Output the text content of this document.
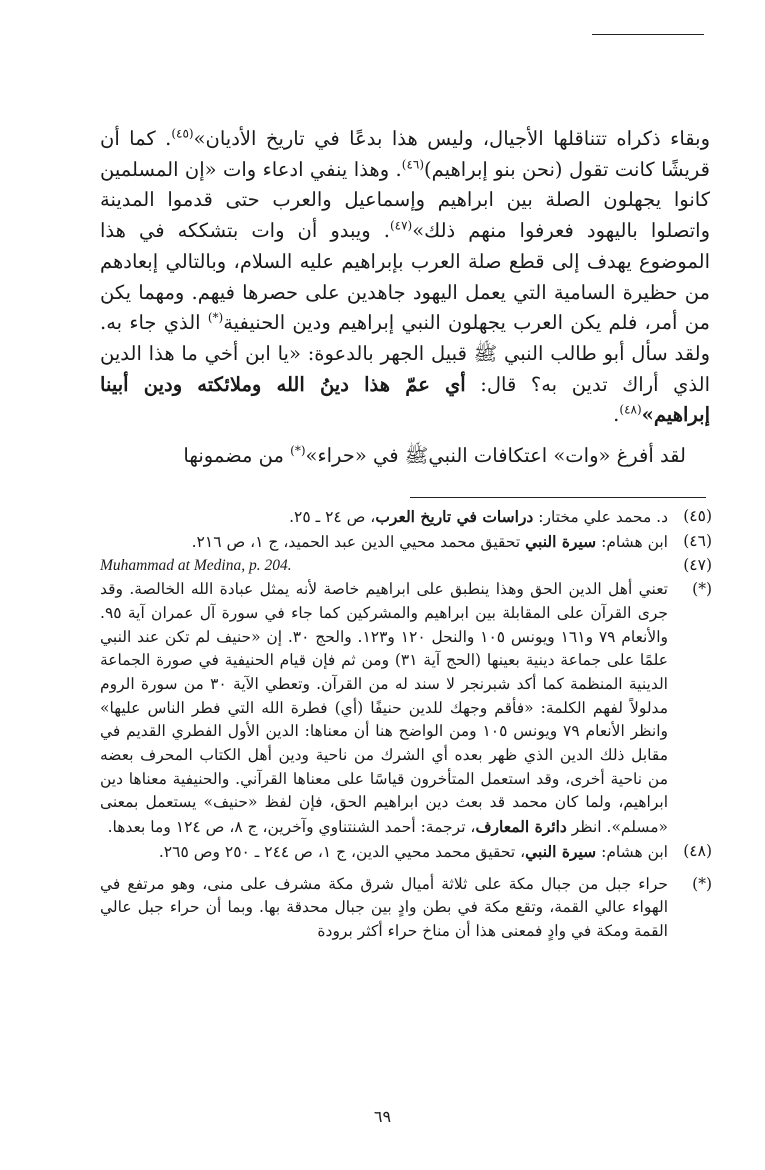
وبقاء ذكراه تتناقلها الأجيال، وليس هذا بدعًا في تاريخ الأديان»$^{(٤٥)}$. كما أن قريشًا كانت تقول (نحن بنو إبراهيم)$^{(٤٦)}$. وهذا ينفي ادعاء وات «إن المسلمين كانوا يجهلون الصلة بين ابراهيم وإسماعيل والعرب حتى قدموا المدينة واتصلوا باليهود فعرفوا منهم ذلك»$^{(٤٧)}$. ويبدو أن وات بتشككه في هذا الموضوع يهدف إلى قطع صلة العرب بإبراهيم عليه السلام، وبالتالي إبعادهم من حظيرة السامية التي يعمل اليهود جاهدين على حصرها فيهم. ومهما يكن من أمر، فلم يكن العرب يجهلون النبي إبراهيم ودين الحنيفية(*) الذي جاء به. ولقد سأل أبو طالب النبي ﷺ قبيل الجهر بالدعوة: «يا ابن أخي ما هذا الدين الذي أراك تدين به؟ قال: أي عمّ هذا دينُ الله وملائكته ودين أبينا إبراهيم»$^{(٤٨)}$.

لقد أفرغ «وات» اعتكافات النبيﷺ في «حراء»(*) من مضمونها

(٤٥)
د. محمد علي مختار: دراسات في تاريخ العرب، ص ٢٤ ـ ٢٥.
(٤٦)
ابن هشام: سيرة النبي تحقيق محمد محيي الدين عبد الحميد، ج ١، ص ٢١٦.
(٤٧)
Muhammad at Medina, p. 204.
(*)
تعني أهل الدين الحق وهذا ينطبق على ابراهيم خاصة لأنه يمثل عبادة الله الخالصة. وقد جرى القرآن على المقابلة بين ابراهيم والمشركين كما جاء في سورة آل عمران آية ٩٥. والأنعام ٧٩ و١٦١ ويونس ١٠٥ والنحل ١٢٠ و١٢٣. والحج ٣٠. إن «حنيف لم تكن عند النبي علمًا على جماعة دينية بعينها (الحج آية ٣١) ومن ثم فإن قيام الحنيفية في صورة الجماعة الدينية المنظمة كما أكد شبرنجر لا سند له من القرآن. وتعطي الآية ٣٠ من سورة الروم مدلولاً لفهم الكلمة: «فأقم وجهك للدين حنيفًا (أي) فطرة الله التي فطر الناس عليها» وانظر الأنعام ٧٩ ويونس ١٠٥ ومن الواضح هنا أن معناها: الدين الأول الفطري القديم في مقابل ذلك الدين الذي ظهر بعده أي الشرك من ناحية ودين أهل الكتاب المحرف بعضه من ناحية أخرى، وقد استعمل المتأخرون قياسًا على معناها القرآني. والحنيفية معناها دين ابراهيم، ولما كان محمد قد بعث دين ابراهيم الحق، فإن لفظ «حنيف» يستعمل بمعنى «مسلم». انظر دائرة المعارف، ترجمة: أحمد الشنتناوي وآخرين، ج ٨، ص ١٢٤ وما بعدها.
(٤٨)
ابن هشام: سيرة النبي، تحقيق محمد محيي الدين، ج ١، ص ٢٤٤ ـ ٢٥٠ وص ٢٦٥.
(*)
حراء جبل من جبال مكة على ثلاثة أميال شرق مكة مشرف على منى، وهو مرتفع في الهواء عالي القمة، وتقع مكة في بطن وادٍ بين جبال محدقة بها. وبما أن حراء جبل عالي القمة ومكة في وادٍ فمعنى هذا أن مناخ حراء أكثر برودة
٦٩
